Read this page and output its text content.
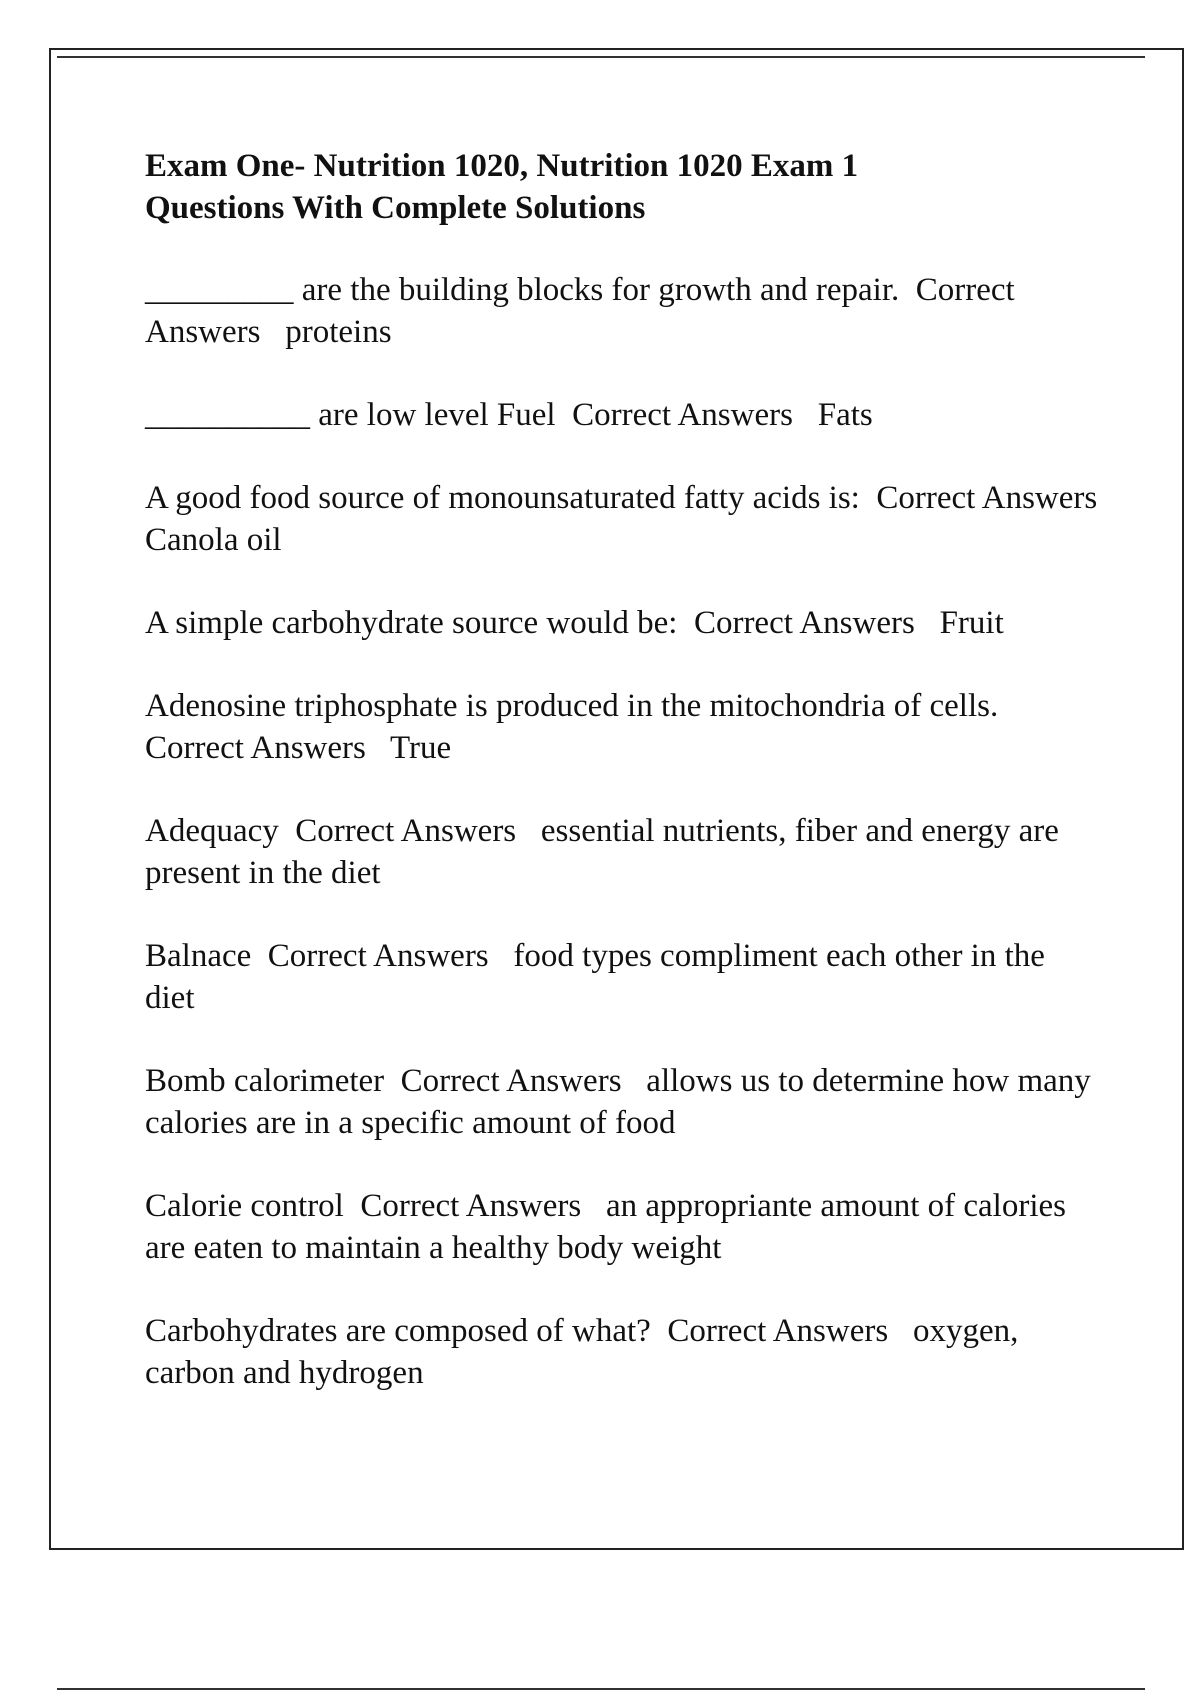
Exam One- Nutrition 1020, Nutrition 1020 Exam 1 Questions With Complete Solutions

_________ are the building blocks for growth and repair. Correct Answers proteins

__________ are low level Fuel Correct Answers Fats

A good food source of monounsaturated fatty acids is: Correct Answers   Canola oil

A simple carbohydrate source would be: Correct Answers Fruit

Adenosine triphosphate is produced in the mitochondria of cells.  Correct Answers True

Adequacy Correct Answers essential nutrients, fiber and energy are present in the diet

Balnace Correct Answers food types compliment each other in the diet

Bomb calorimeter Correct Answers allows us to determine how many calories are in a specific amount of food

Calorie control Correct Answers an appropriante amount of calories are eaten to maintain a healthy body weight

Carbohydrates are composed of what? Correct Answers oxygen, carbon and hydrogen
